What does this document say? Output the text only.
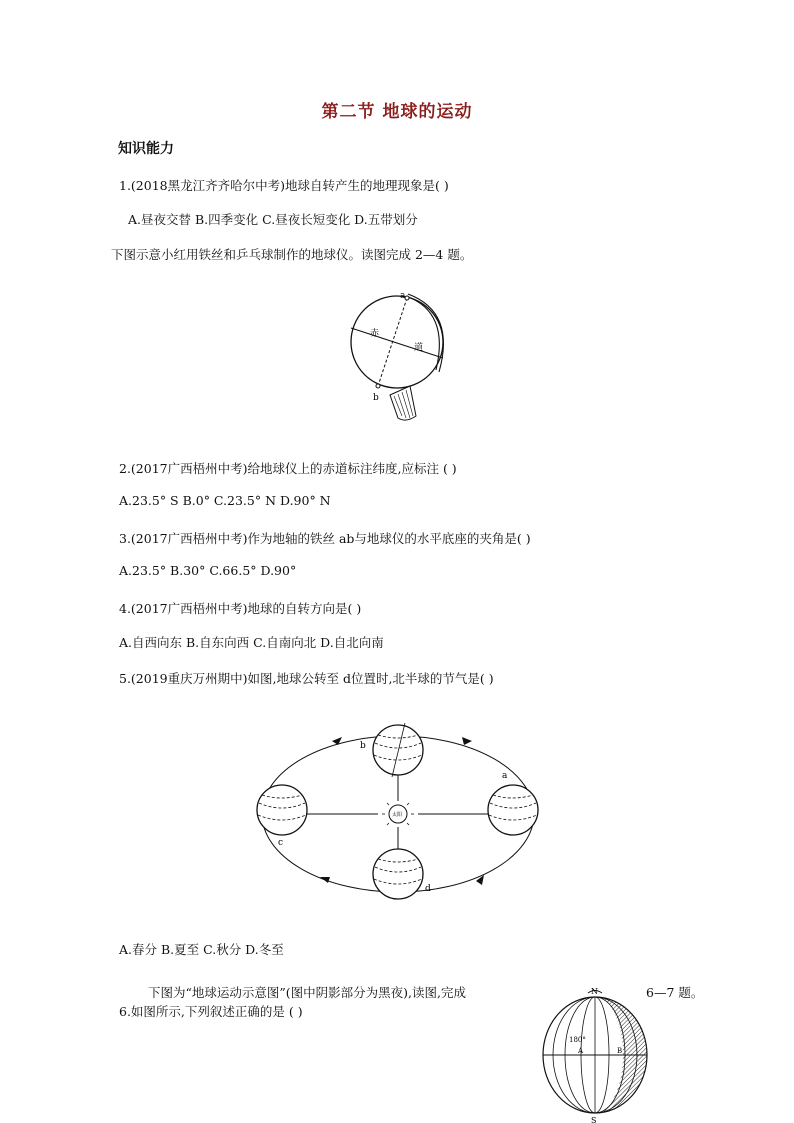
第二节 地球的运动
知识能力
1.(2018黑龙江齐齐哈尔中考)地球自转产生的地理现象是( )
A.昼夜交替 B.四季变化 C.昼夜长短变化 D.五带划分
下图示意小红用铁丝和乒乓球制作的地球仪。读图完成 2—4 题。
a
b
赤
道
2.(2017广西梧州中考)给地球仪上的赤道标注纬度,应标注 ( )
A.23.5° S B.0° C.23.5° N D.90° N
3.(2017广西梧州中考)作为地轴的铁丝 ab与地球仪的水平底座的夹角是( )
A.23.5° B.30° C.66.5° D.90°
4.(2017广西梧州中考)地球的自转方向是( )
A.自西向东 B.自东向西 C.自南向北 D.自北向南
5.(2019重庆万州期中)如图,地球公转至 d位置时,北半球的节气是( )
太阳
b
a
c
d
A.春分 B.夏至 C.秋分 D.冬至
下图为“地球运动示意图”(图中阴影部分为黑夜),读图,完成	6—7 题。
6.如图所示,下列叙述正确的是 ( )
N
S
180°
A	B
